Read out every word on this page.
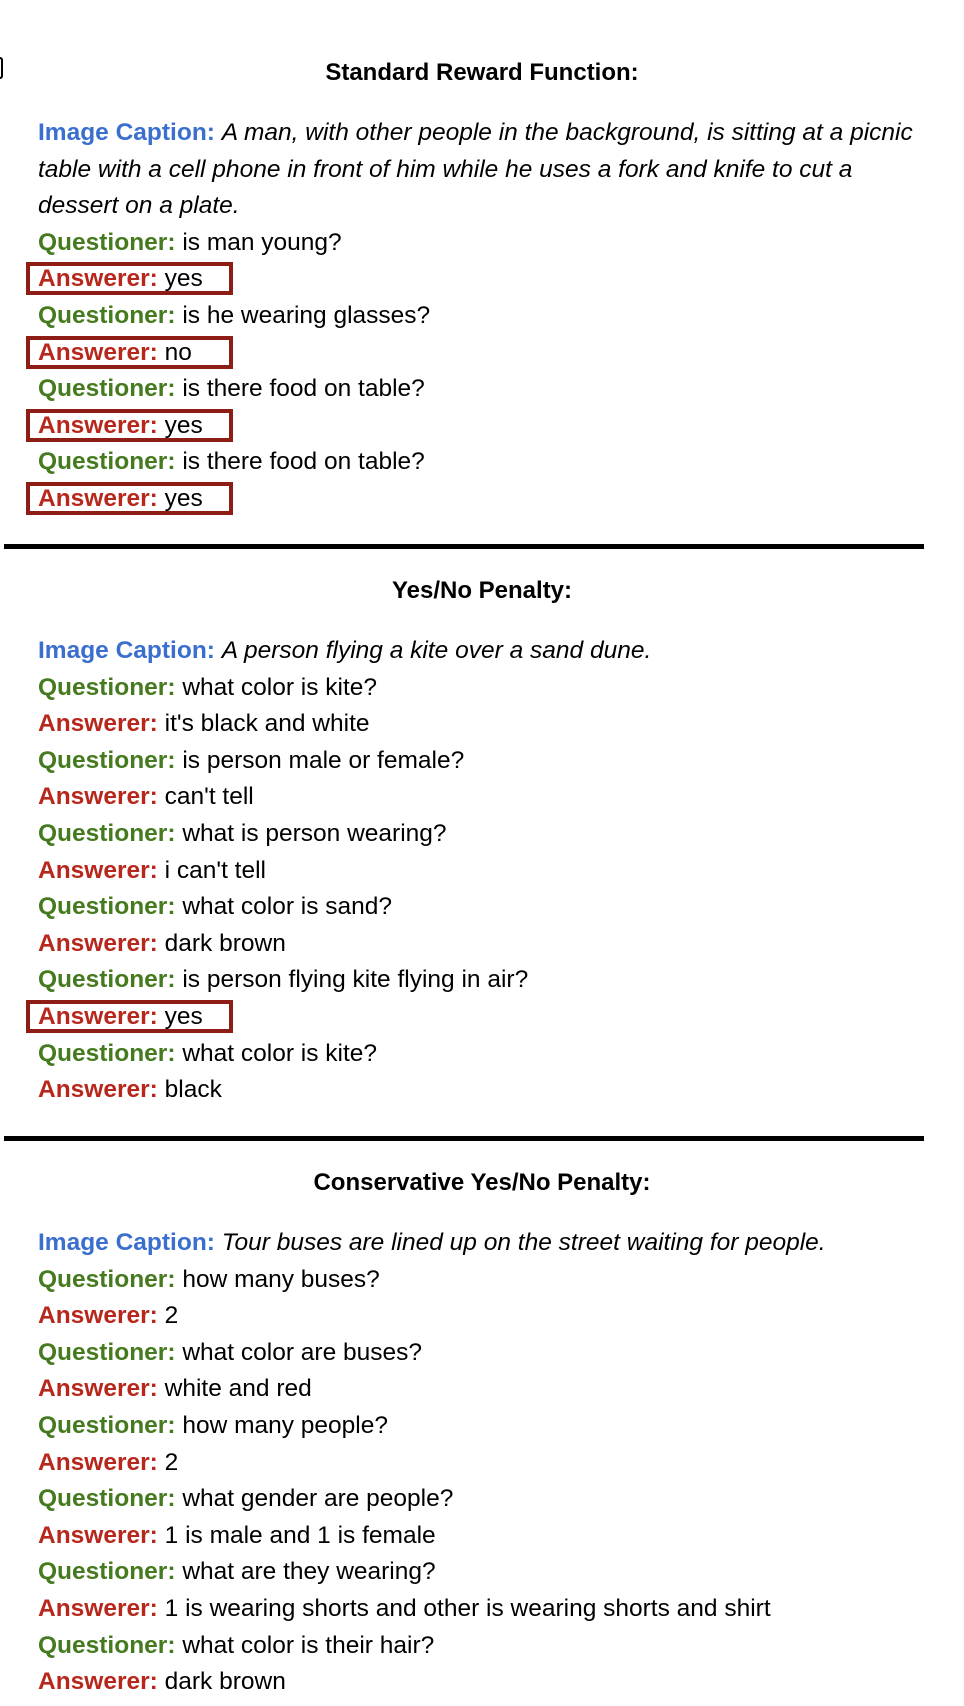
Standard Reward Function:
Image Caption: A man, with other people in the background, is sitting at a picnic table with a cell phone in front of him while he uses a fork and knife to cut a dessert on a plate.
Questioner: is man young?
Answerer: yes
Questioner: is he wearing glasses?
Answerer: no
Questioner: is there food on table?
Answerer: yes
Questioner: is there food on table?
Answerer: yes
Yes/No Penalty:
Image Caption: A person flying a kite over a sand dune.
Questioner: what color is kite?
Answerer: it's black and white
Questioner: is person male or female?
Answerer: can't tell
Questioner: what is person wearing?
Answerer: i can't tell
Questioner: what color is sand?
Answerer: dark brown
Questioner: is person flying kite flying in air?
Answerer: yes
Questioner: what color is kite?
Answerer: black
Conservative Yes/No Penalty:
Image Caption: Tour buses are lined up on the street waiting for people.
Questioner: how many buses?
Answerer: 2
Questioner: what color are buses?
Answerer: white and red
Questioner: how many people?
Answerer: 2
Questioner: what gender are people?
Answerer: 1 is male and 1 is female
Questioner: what are they wearing?
Answerer: 1 is wearing shorts and other is wearing shorts and shirt
Questioner: what color is their hair?
Answerer: dark brown
